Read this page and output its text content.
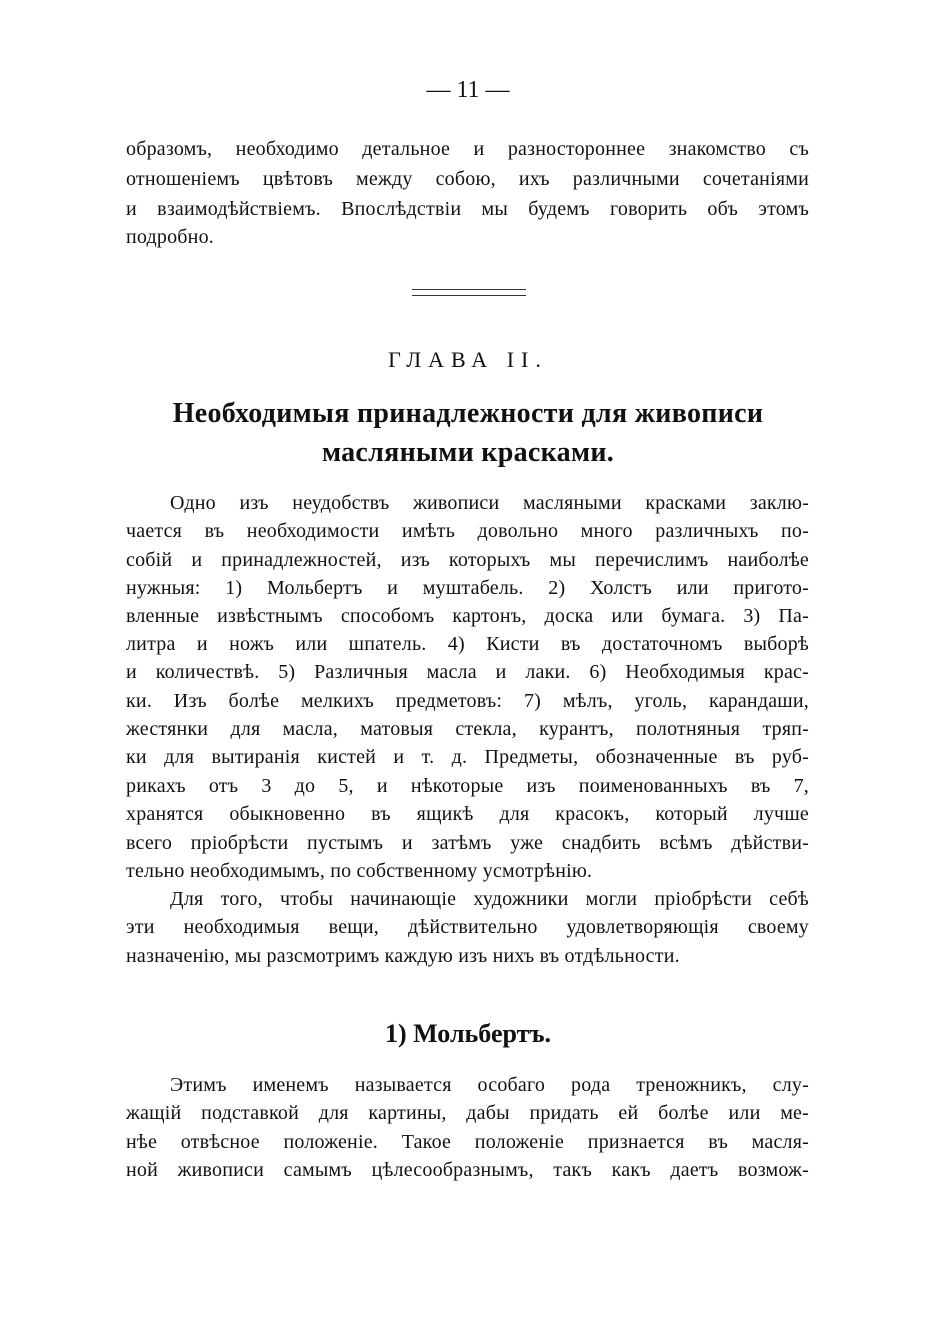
— 11 —
образомъ, необходимо детальное и разностороннее знакомство съ
отношеніемъ цвѣтовъ между собою, ихъ различными сочетаніями
и взаимодѣйствіемъ. Впослѣдствіи мы будемъ говорить объ этомъ
подробно.
ГЛАВА II.
Необходимыя принадлежности для живописи
масляными красками.
Одно изъ неудобствъ живописи масляными красками заклю-
чается въ необходимости имѣть довольно много различныхъ по-
собій и принадлежностей, изъ которыхъ мы перечислимъ наиболѣе
нужныя: 1) Мольбертъ и муштабель. 2) Холстъ или пригото-
вленные извѣстнымъ способомъ картонъ, доска или бумага. 3) Па-
литра и ножъ или шпатель. 4) Кисти въ достаточномъ выборѣ
и количествѣ. 5) Различныя масла и лаки. 6) Необходимыя крас-
ки. Изъ болѣе мелкихъ предметовъ: 7) мѣлъ, уголь, карандаши,
жестянки для масла, матовыя стекла, курантъ, полотняныя тряп-
ки для вытиранія кистей и т. д. Предметы, обозначенные въ руб-
рикахъ отъ 3 до 5, и нѣкоторые изъ поименованныхъ въ 7,
хранятся обыкновенно въ ящикѣ для красокъ, который лучше
всего пріобрѣсти пустымъ и затѣмъ уже снадбить всѣмъ дѣйстви-
тельно необходимымъ, по собственному усмотрѣнію.
Для того, чтобы начинающіе художники могли пріобрѣсти себѣ
эти необходимыя вещи, дѣйствительно удовлетворяющія своему
назначенію, мы разсмотримъ каждую изъ нихъ въ отдѣльности.
1) Мольбертъ.
Этимъ именемъ называется особаго рода треножникъ, слу-
жащій подставкой для картины, дабы придать ей болѣе или ме-
нѣе отвѣсное положеніе. Такое положеніе признается въ масля-
ной живописи самымъ цѣлесообразнымъ, такъ какъ даетъ возмож-
